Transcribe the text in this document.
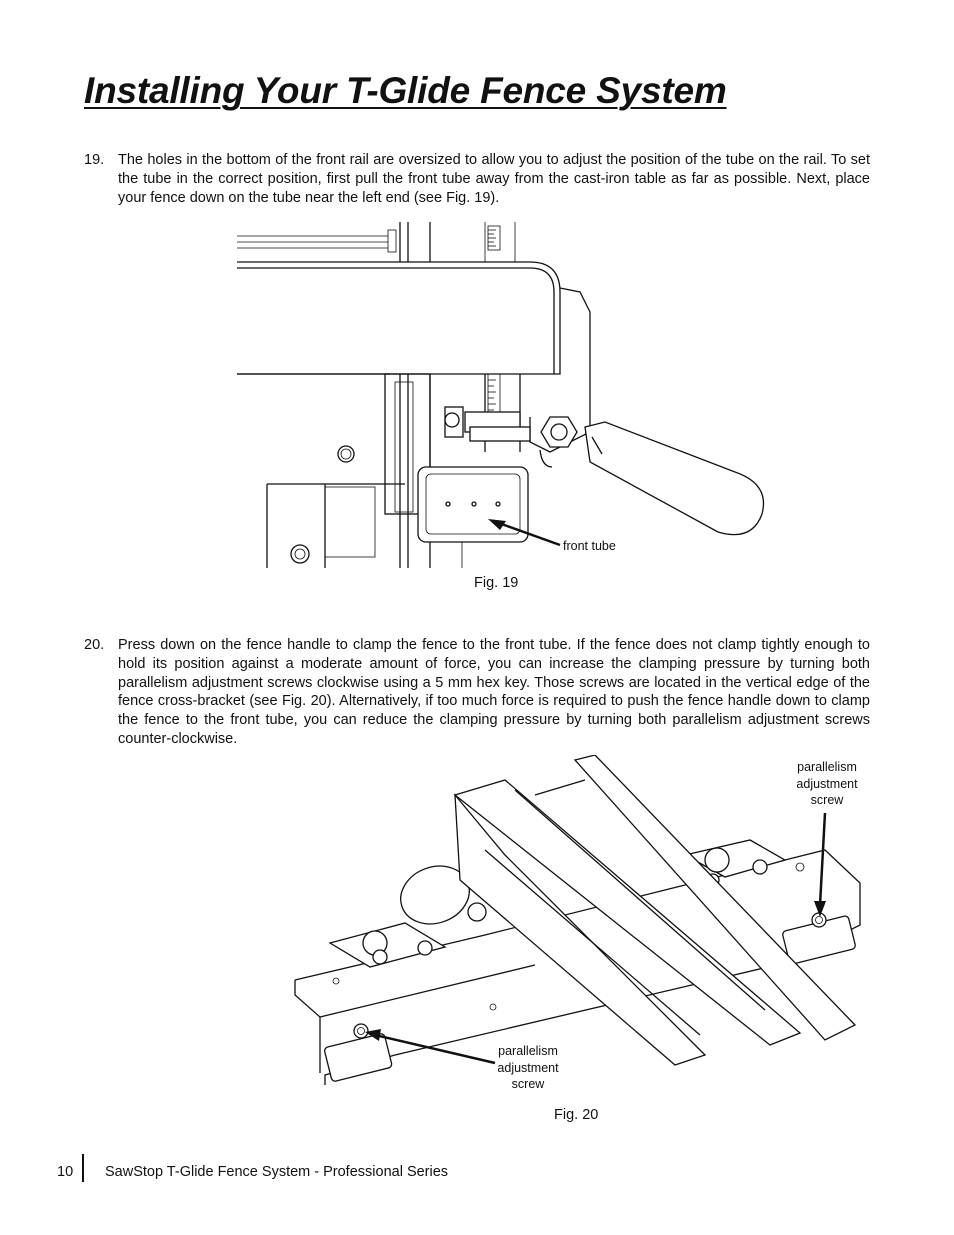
Installing Your T-Glide Fence System
19. The holes in the bottom of the front rail are oversized to allow you to adjust the position of the tube on the rail. To set the tube in the correct position, first pull the front tube away from the cast-iron table as far as possible. Next, place your fence down on the tube near the left end (see Fig. 19).
front tube
Fig. 19
20. Press down on the fence handle to clamp the fence to the front tube. If the fence does not clamp tightly enough to hold its position against a moderate amount of force, you can increase the clamping pressure by turning both parallelism adjustment screws clockwise using a 5 mm hex key. Those screws are located in the vertical edge of the fence cross-bracket (see Fig. 20). Alternatively, if too much force is required to push the fence handle down to clamp the fence to the front tube, you can reduce the clamping pressure by turning both parallelism adjustment screws counter-clockwise.
parallelism adjustment screw
parallelism adjustment screw
Fig. 20
10 SawStop T-Glide Fence System - Professional Series
